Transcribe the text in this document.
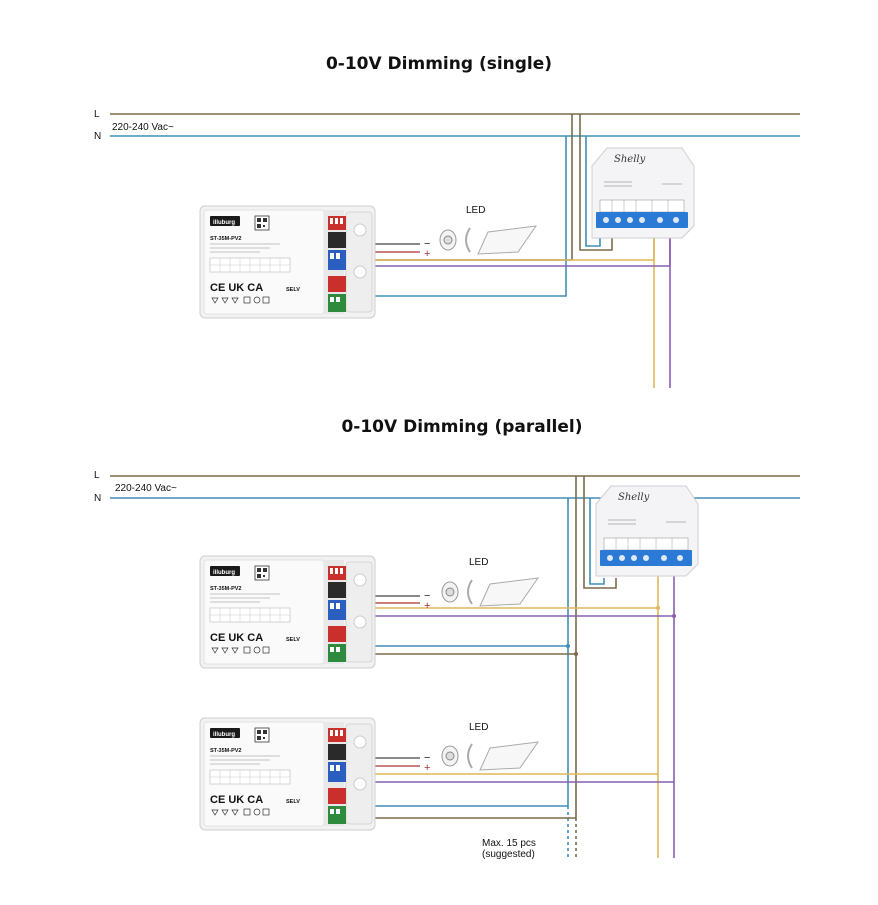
0-10V Dimming (single)
L
N
220-240 Vac~
−
+
illuburg
ST-35M-PV2
CE UK CA	SELV
LED
Shelly
0-10V Dimming (parallel)
L
N
220-240 Vac~
−
+
−
+
illuburg
ST-35M-PV2
CE UK CA	SELV
illuburg
ST-35M-PV2
CE UK CA	SELV
LED
LED
Shelly
Max. 15 pcs
(suggested)
